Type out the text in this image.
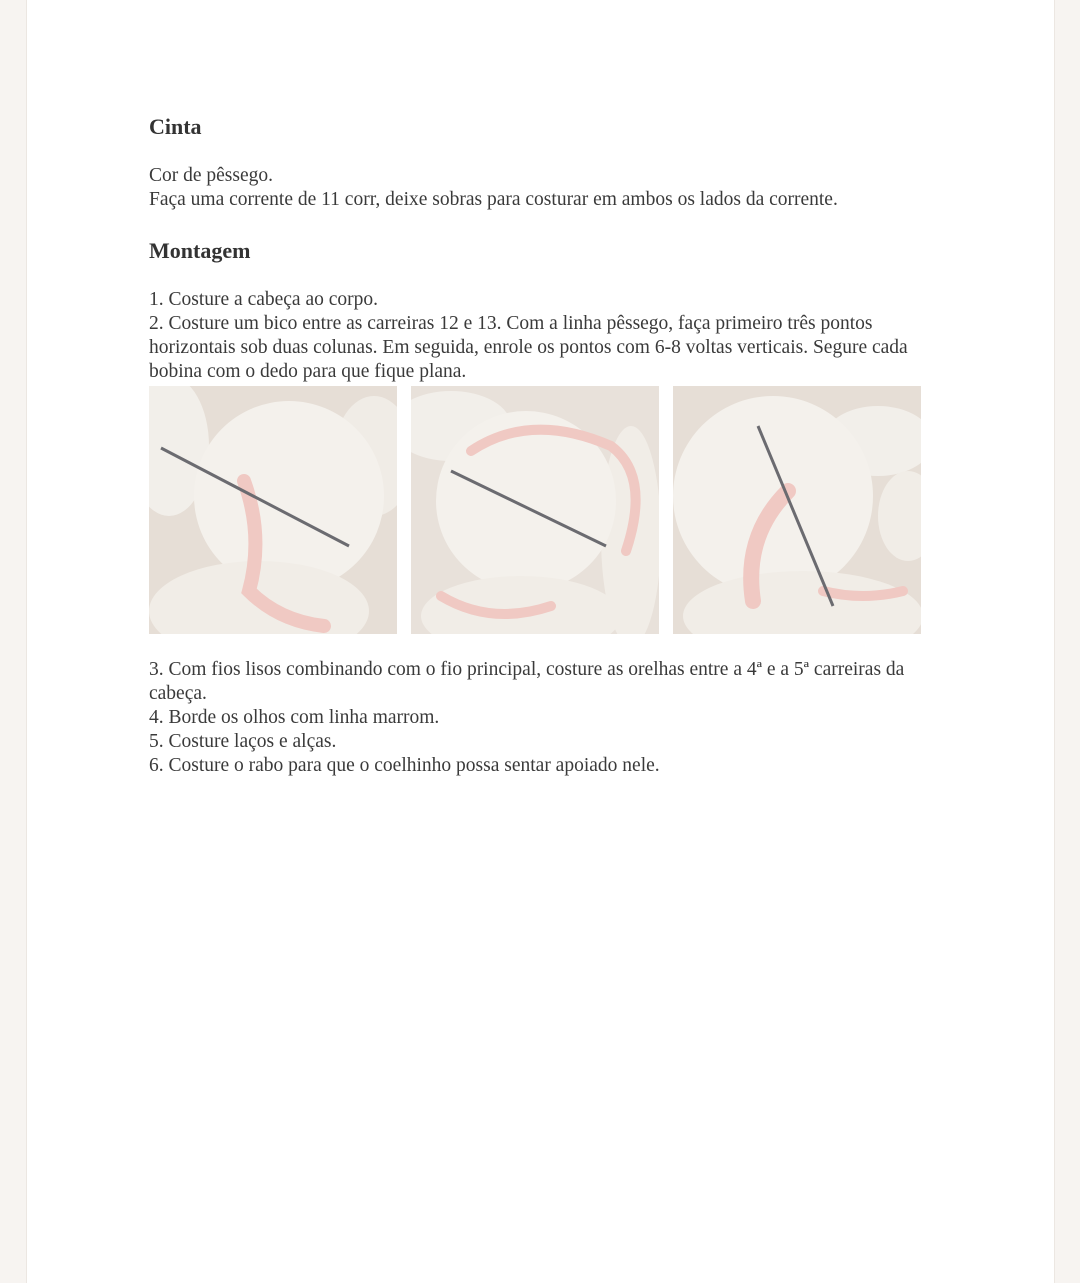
Cinta

Cor de pêssego.

Faça uma corrente de 11 corr, deixe sobras para costurar em ambos os lados da corrente.

Montagem

1. Costure a cabeça ao corpo.

2. Costure um bico entre as carreiras 12 e 13. Com a linha pêssego, faça primeiro três pontos horizontais sob duas colunas. Em seguida, enrole os pontos com 6-8 voltas verticais. Segure cada bobina com o dedo para que fique plana.

3. Com fios lisos combinando com o fio principal, costure as orelhas entre a 4ª e a 5ª carreiras da cabeça.

4. Borde os olhos com linha marrom.

5. Costure laços e alças.

6. Costure o rabo para que o coelhinho possa sentar apoiado nele.
